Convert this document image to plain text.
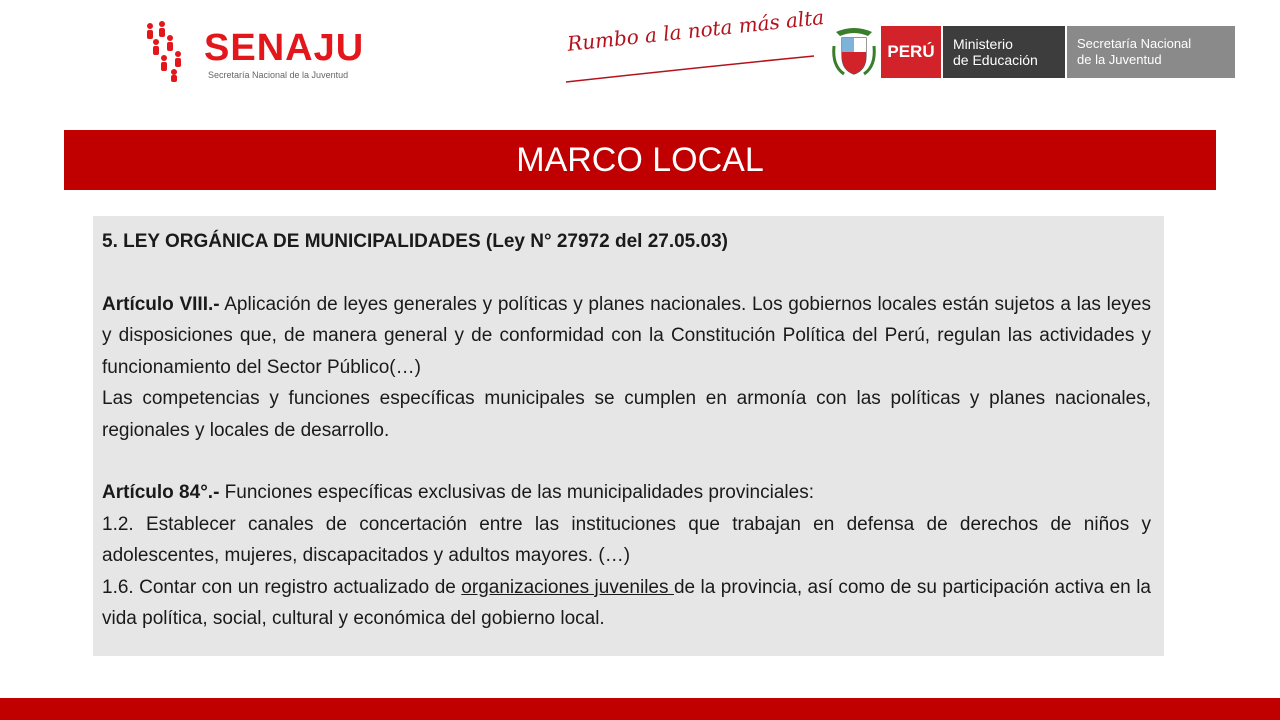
SENAJU
Secretaría Nacional de la Juventud
Rumbo a la nota más alta	PERÚ	Ministerio
de Educación
Secretaría Nacional
de la Juventud
MARCO LOCAL

5. LEY ORGÁNICA DE MUNICIPALIDADES (Ley N° 27972 del 27.05.03)

Artículo VIII.- Aplicación de leyes generales y políticas y planes nacionales. Los gobiernos locales están sujetos a las leyes y disposiciones que, de manera general y de conformidad con la Constitución Política del Perú, regulan las actividades y funcionamiento del Sector Público(…)

Las competencias y funciones específicas municipales se cumplen en armonía con las políticas y planes nacionales, regionales y locales de desarrollo.

Artículo 84°.- Funciones específicas exclusivas de las municipalidades provinciales:

1.2. Establecer canales de concertación entre las instituciones que trabajan en defensa de derechos de niños y adolescentes, mujeres, discapacitados y adultos mayores. (…)

1.6. Contar con un registro actualizado de organizaciones juveniles de la provincia, así como de su participación activa en la vida política, social, cultural y económica del gobierno local.
